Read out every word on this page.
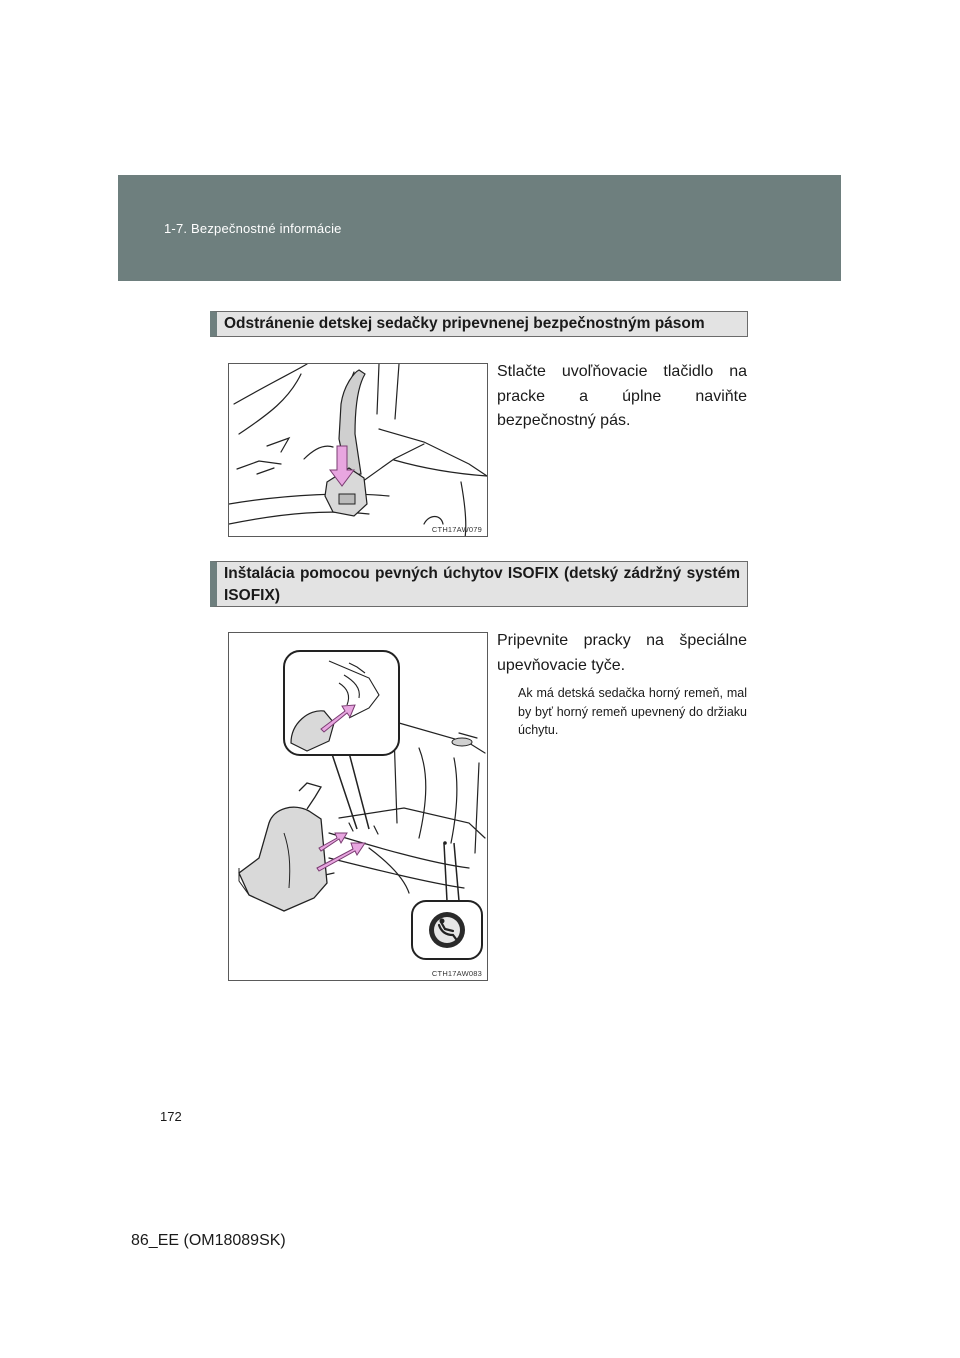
1-7. Bezpečnostné informácie
Odstránenie detskej sedačky pripevnenej bezpečnostným pásom
CTH17AW079
Stlačte uvoľňovacie tlačidlo na pracke a úplne naviňte bezpečnostný pás.
Inštalácia pomocou pevných úchytov ISOFIX (detský zádržný systém ISOFIX)
CTH17AW083
Pripevnite pracky na špeciálne upevňovacie tyče.
Ak má detská sedačka horný remeň, mal by byť horný remeň upevnený do držiaku úchytu.
172
86_EE (OM18089SK)
